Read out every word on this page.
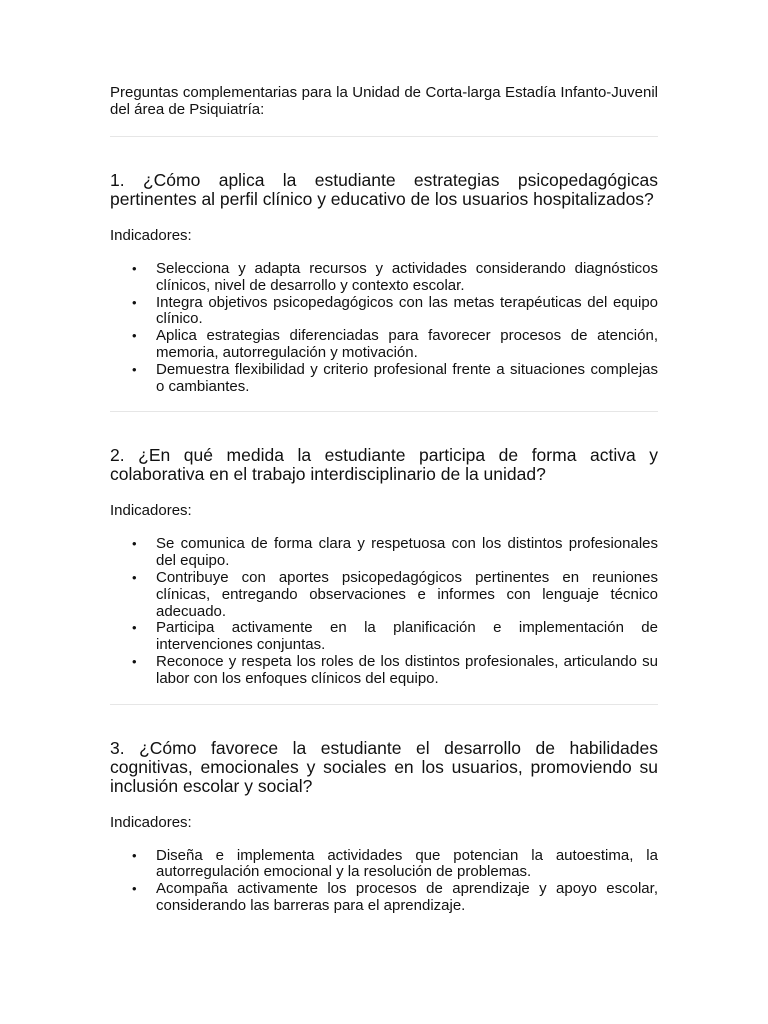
Preguntas complementarias para la Unidad de Corta-larga Estadía Infanto-Juvenil del área de Psiquiatría:

1. ¿Cómo aplica la estudiante estrategias psicopedagógicas pertinentes al perfil clínico y educativo de los usuarios hospitalizados?

Indicadores:

• Selecciona y adapta recursos y actividades considerando diagnósticos clínicos, nivel de desarrollo y contexto escolar.
• Integra objetivos psicopedagógicos con las metas terapéuticas del equipo clínico.
• Aplica estrategias diferenciadas para favorecer procesos de atención, memoria, autorregulación y motivación.
• Demuestra flexibilidad y criterio profesional frente a situaciones complejas o cambiantes.

2. ¿En qué medida la estudiante participa de forma activa y colaborativa en el trabajo interdisciplinario de la unidad?

Indicadores:

• Se comunica de forma clara y respetuosa con los distintos profesionales del equipo.
• Contribuye con aportes psicopedagógicos pertinentes en reuniones clínicas, entregando observaciones e informes con lenguaje técnico adecuado.
• Participa activamente en la planificación e implementación de intervenciones conjuntas.
• Reconoce y respeta los roles de los distintos profesionales, articulando su labor con los enfoques clínicos del equipo.

3. ¿Cómo favorece la estudiante el desarrollo de habilidades cognitivas, emocionales y sociales en los usuarios, promoviendo su inclusión escolar y social?

Indicadores:

• Diseña e implementa actividades que potencian la autoestima, la autorregulación emocional y la resolución de problemas.
• Acompaña activamente los procesos de aprendizaje y apoyo escolar, considerando las barreras para el aprendizaje.
